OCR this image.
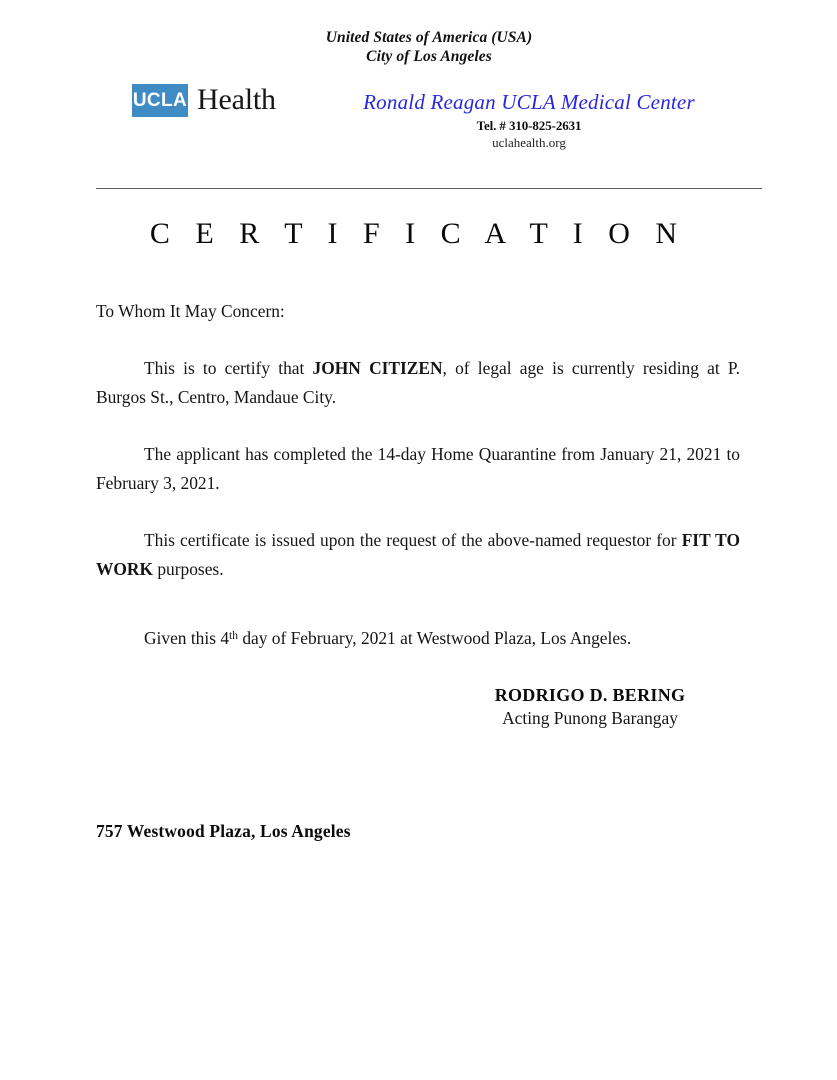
United States of America (USA)
City of Los Angeles
UCLA Health	Ronald Reagan UCLA Medical Center
Tel. # 310-825-2631
uclahealth.org
C E R T I F I C A T I O N

To Whom It May Concern:

This is to certify that JOHN CITIZEN, of legal age is currently residing at P. Burgos St., Centro, Mandaue City.

The applicant has completed the 14-day Home Quarantine from January 21, 2021 to February 3, 2021.

This certificate is issued upon the request of the above-named requestor for FIT TO WORK purposes.

Given this 4th day of February, 2021 at Westwood Plaza, Los Angeles.

RODRIGO D. BERING
Acting Punong Barangay
757 Westwood Plaza, Los Angeles
